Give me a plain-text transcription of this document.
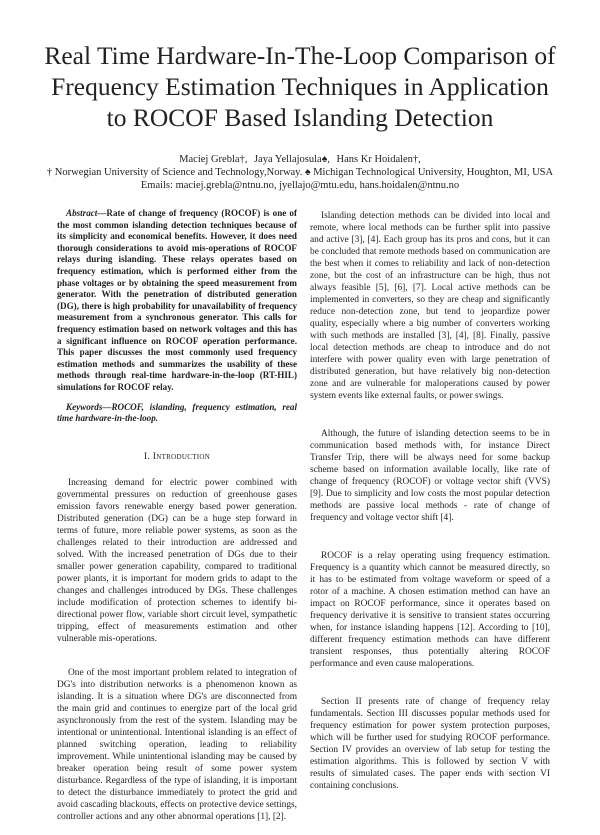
Real Time Hardware-In-The-Loop Comparison of Frequency Estimation Techniques in Application to ROCOF Based Islanding Detection
Maciej Grebla†, Jaya Yellajosula♠, Hans Kr Hoidalen†,
† Norwegian University of Science and Technology,Norway. ♠ Michigan Technological University, Houghton, MI, USA
Emails: maciej.grebla@ntnu.no, jyellajo@mtu.edu, hans.hoidalen@ntnu.no

Abstract—Rate of change of frequency (ROCOF) is one of the most common islanding detection techniques because of its simplicity and economical benefits. However, it does need thorough considerations to avoid mis-operations of ROCOF relays during islanding. These relays operates based on frequency estimation, which is performed either from the phase voltages or by obtaining the speed measurement from generator. With the penetration of distributed generation (DG), there is high probability for unavailability of frequency measurement from a synchronous generator. This calls for frequency estimation based on network voltages and this has a significant influence on ROCOF operation performance. This paper discusses the most commonly used frequency estimation methods and summarizes the usability of these methods through real-time hardware-in-the-loop (RT-HIL) simulations for ROCOF relay.

Keywords—ROCOF, islanding, frequency estimation, real time hardware-in-the-loop.

I. Introduction

Increasing demand for electric power combined with governmental pressures on reduction of greenhouse gases emission favors renewable energy based power generation. Distributed generation (DG) can be a huge step forward in terms of future, more reliable power systems, as soon as the challenges related to their introduction are addressed and solved. With the increased penetration of DGs due to their smaller power generation capability, compared to traditional power plants, it is important for modern grids to adapt to the changes and challenges introduced by DGs. These challenges include modification of protection schemes to identify bi-directional power flow, variable short circuit level, sympathetic tripping, effect of measurements estimation and other vulnerable mis-operations.

One of the most important problem related to integration of DG's into distribution networks is a phenomenon known as islanding. It is a situation where DG's are disconnected from the main grid and continues to energize part of the local grid asynchronously from the rest of the system. Islanding may be intentional or unintentional. Intentional islanding is an effect of planned switching operation, leading to reliability improvement. While unintentional islanding may be caused by breaker operation being result of some power system disturbance. Regardless of the type of islanding, it is important to detect the disturbance immediately to protect the grid and avoid cascading blackouts, effects on protective device settings, controller actions and any other abnormal operations [1], [2].

Islanding detection methods can be divided into local and remote, where local methods can be further split into passive and active [3], [4]. Each group has its pros and cons, but it can be concluded that remote methods based on communication are the best when it comes to reliability and lack of non-detection zone, but the cost of an infrastructure can be high, thus not always feasible [5], [6], [7]. Local active methods can be implemented in converters, so they are cheap and significantly reduce non-detection zone, but tend to jeopardize power quality, especially where a big number of converters working with such methods are installed [3], [4], [8]. Finally, passive local detection methods are cheap to introduce and do not interfere with power quality even with large penetration of distributed generation, but have relatively big non-detection zone and are vulnerable for maloperations caused by power system events like external faults, or power swings.

Although, the future of islanding detection seems to be in communication based methods with, for instance Direct Transfer Trip, there will be always need for some backup scheme based on information available locally, like rate of change of frequency (ROCOF) or voltage vector shift (VVS) [9]. Due to simplicity and low costs the most popular detection methods are passive local methods - rate of change of frequency and voltage vector shift [4].

ROCOF is a relay operating using frequency estimation. Frequency is a quantity which cannot be measured directly, so it has to be estimated from voltage waveform or speed of a rotor of a machine. A chosen estimation method can have an impact on ROCOF performance, since it operates based on frequency derivative it is sensitive to transient states occurring when, for instance islanding happens [12]. According to [10], different frequency estimation methods can have different transient responses, thus potentially altering ROCOF performance and even cause maloperations.

Section II presents rate of change of frequency relay fundamentals. Section III discusses popular methods used for frequency estimation for power system protection purposes, which will be further used for studying ROCOF performance. Section IV provides an overview of lab setup for testing the estimation algorithms. This is followed by section V with results of simulated cases. The paper ends with section VI containing conclusions.
